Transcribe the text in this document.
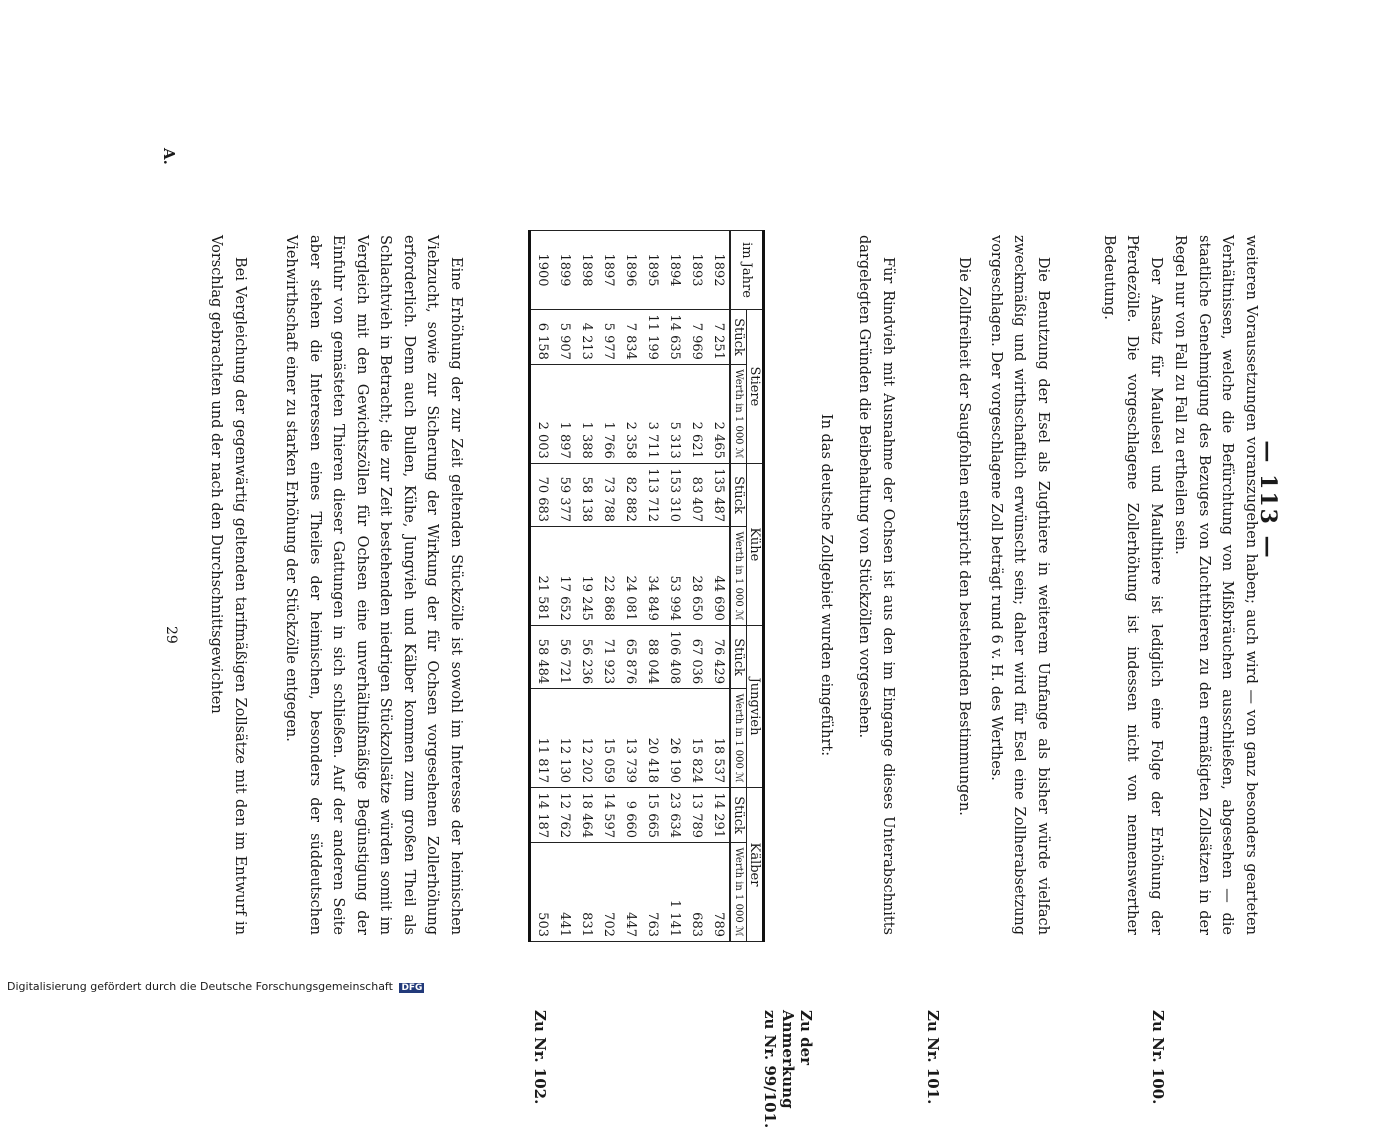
— 113 —
Zu Nr. 100.
Zu Nr. 101.
Zu der Anmerkung
zu Nr. 99/101.
Zu Nr. 102.

weiteren Voraussetzungen voranszugehen haben; auch wird — von ganz besonders gearteten Verhältnissen, welche die Befürchtung von Mißbräuchen ausschließen, abgesehen — die staatliche Genehmigung des Bezuges von Zuchtthieren zu den ermäßigten Zollsätzen in der Regel nur von Fall zu Fall zu ertheilen sein.

Der Ansatz für Maulesel und Maulthiere ist lediglich eine Folge der Erhöhung der Pferdezölle. Die vorgeschlagene Zollerhöhung ist indessen nicht von nennenswerther Bedeutung.

Die Benutzung der Esel als Zugthiere in weiterem Umfange als bisher würde vielfach zweckmäßig und wirthschaftlich erwünscht sein; daher wird für Esel eine Zollherabsetzung vorgeschlagen. Der vorgeschlagene Zoll beträgt rund 6 v. H. des Werthes.

Die Zollfreiheit der Saugfohlen entspricht den bestehenden Bestimmungen.

Für Rindvieh mit Ausnahme der Ochsen ist aus den im Eingange dieses Unterabschnitts dargelegten Gründen die Beibehaltung von Stückzöllen vorgesehen.

In das deutsche Zollgebiet wurden eingeführt:

im Jahre	Stiere		Kühe		Jungvieh		Kälber	
	Stück	Werth in 1 000 ℳ	Stück	Werth in 1 000 ℳ	Stück	Werth in 1 000 ℳ	Stück	Werth in 1 000 ℳ
1892	7 251	2 465	135 487	44 690	76 429	18 537	14 291	789
1893	7 969	2 621	83 407	28 650	67 036	15 824	13 789	683
1894	14 635	5 313	153 310	53 994	106 408	26 190	23 634	1 141
1895	11 199	3 711	113 712	34 849	88 044	20 418	15 665	763
1896	7 834	2 358	82 882	24 081	65 876	13 739	9 660	447
1897	5 977	1 766	73 788	22 868	71 923	15 059	14 597	702
1898	4 213	1 388	58 138	19 245	56 236	12 202	18 464	831
1899	5 907	1 897	59 377	17 652	56 721	12 130	12 762	441
1900	6 158	2 003	70 683	21 581	58 484	11 817	14 187	503

Eine Erhöhung der zur Zeit geltenden Stückzölle ist sowohl im Interesse der heimischen Viehzucht, sowie zur Sicherung der Wirkung der für Ochsen vorgesehenen Zollerhöhung erforderlich. Denn auch Bullen, Kühe, Jungvieh und Kälber kommen zum großen Theil als Schlachtvieh in Betracht; die zur Zeit bestehenden niedrigen Stückzollsätze würden somit im Vergleich mit den Gewichtszöllen für Ochsen eine unverhältnißmäßige Begünstigung der Einfuhr von gemästeten Thieren dieser Gattungen in sich schließen. Auf der anderen Seite aber stehen die Interessen eines Theiles der heimischen, besonders der süddeutschen Viehwirthschaft einer zu starken Erhöhung der Stückzölle entgegen.

Bei Vergleichung der gegenwärtig geltenden tarifmäßigen Zollsätze mit den im Entwurf in Vorschlag gebrachten und der nach den Durchschnittsgewichten

A.
29
Digitalisierung gefördert durch die Deutsche Forschungsgemeinschaft DFG
